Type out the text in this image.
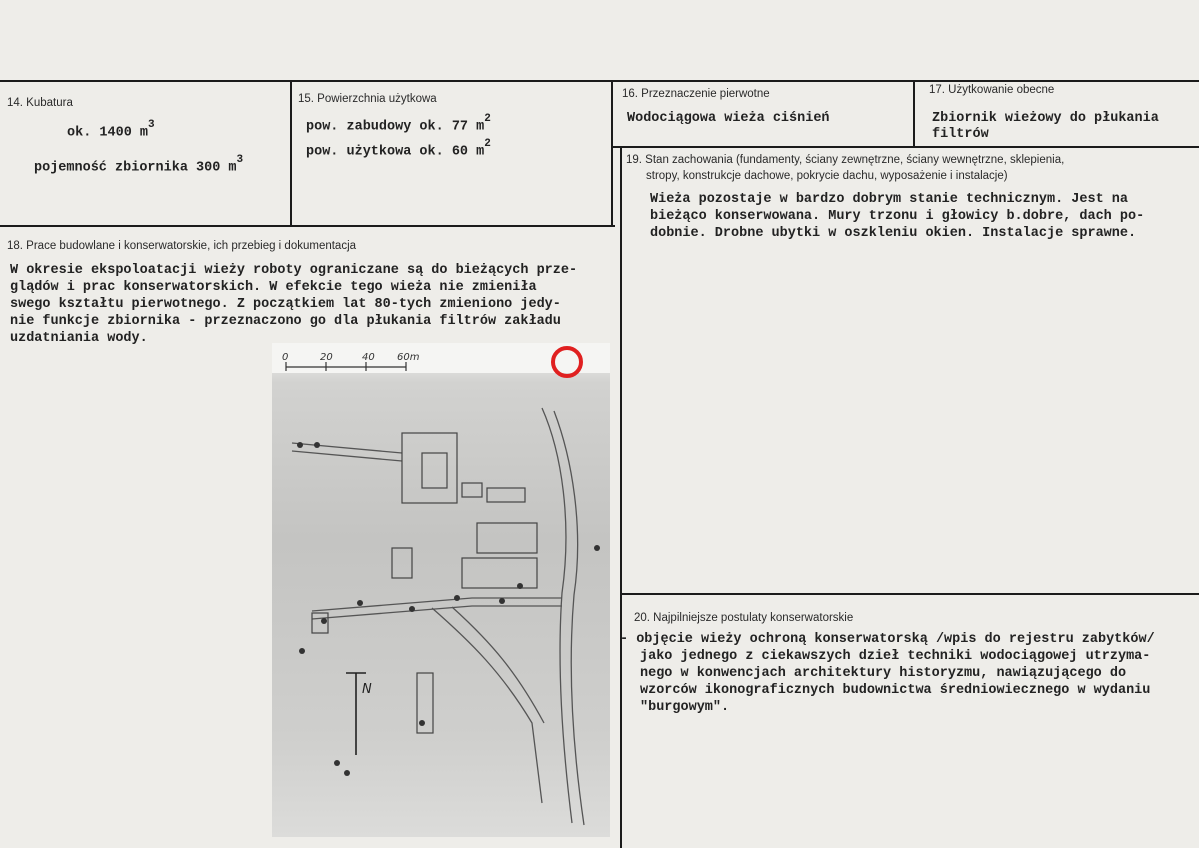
14. Kubatura
ok. 1400 $m^3$
pojemność zbiornika 300 $m^3$
15. Powierzchnia użytkowa
pow. zabudowy ok. 77 $m^2$
pow. użytkowa ok. 60 $m^2$
16. Przeznaczenie pierwotne
Wodociągowa wieża ciśnień
17. Użytkowanie obecne
Zbiornik wieżowy do płukania
filtrów
18. Prace budowlane i konserwatorskie, ich przebieg i dokumentacja
W okresie ekspoloatacji wieży roboty ograniczane są do bieżących prze-
glądów i prac konserwatorskich. W efekcie tego wieża nie zmieniła
swego kształtu pierwotnego. Z początkiem lat 80-tych zmieniono jedy-
nie funkcje zbiornika - przeznaczono go dla płukania filtrów zakładu
uzdatniania wody.
0	20	40 60m
N
19. Stan zachowania (fundamenty, ściany zewnętrzne, ściany wewnętrzne, sklepienia,
stropy, konstrukcje dachowe, pokrycie dachu, wyposażenie i instalacje)
Wieża pozostaje w bardzo dobrym stanie technicznym. Jest na
bieżąco konserwowana. Mury trzonu i głowicy b.dobre, dach po-
dobnie. Drobne ubytki w oszkleniu okien. Instalacje sprawne.
20. Najpilniejsze postulaty konserwatorskie
- objęcie wieży ochroną konserwatorską /wpis do rejestru zabytków/
jako jednego z ciekawszych dzieł techniki wodociągowej utrzyma-
nego w konwencjach architektury historyzmu, nawiązującego do
wzorców ikonograficznych budownictwa średniowiecznego w wydaniu
"burgowym".
